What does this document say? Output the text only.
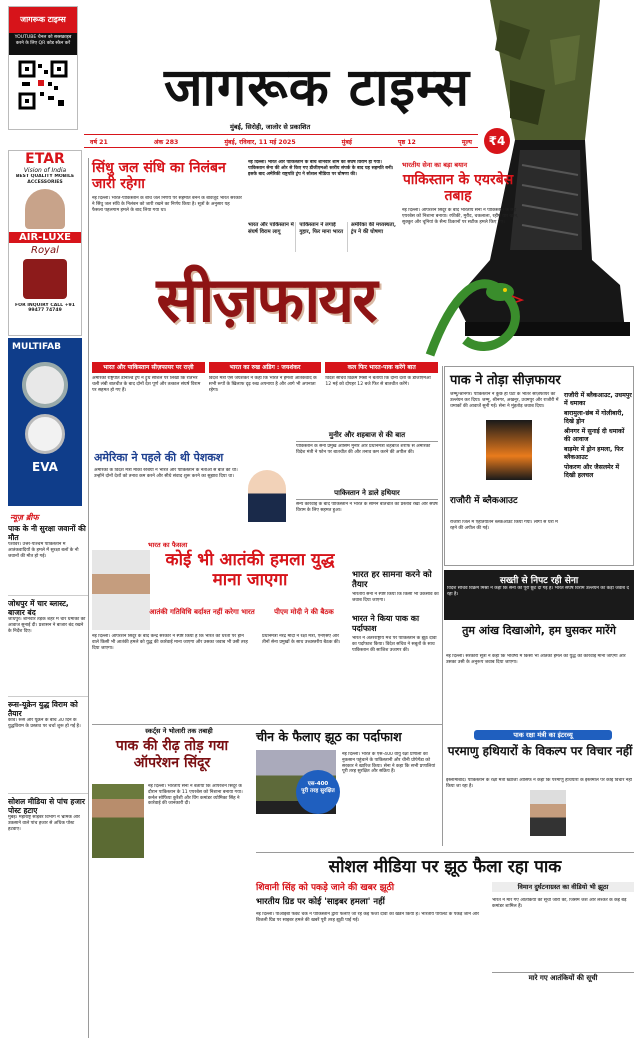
जागरूक टाइम्स
YOUTUBE चैनल को सब्सक्राइब करने के लिए QR कोड स्कैन करें
जागरूक टाइम्स
मुंबई, सिरोही, जालोर से प्रकाशित
वर्ष 21	अंक 283	मुंबई, रविवार, 11 मई 2025	मुंबई	पृष्ठ 12	मूल्य	₹4
ETAR
Vision of India
BEST QUALITY MOBILE ACCESSORIES
AIR-LUXE
Royal
FOR INQUIRY CALL +91 99477 74749
MULTIFAB
EVA
सिंधु जल संधि का निलंबन जारी रहेगा
नई दिल्ली। भारत-पाकिस्तान के बीच जल निर्णय पर सहमति बनने के बावजूद भारत सरकार ने सिंधु जल संधि के निलंबन को जारी रखने का निर्णय किया है। सूत्रों के अनुसार यह फैसला पहलगाम हमले के बाद लिया गया था।
नई दिल्ली। भारत और पाकिस्तान के बीच शनिवार शाम को संघर्ष विराम हो गया। पाकिस्तान सेना की ओर से किए गए डीजीएमओ स्तरीय संपर्क के बाद यह सहमति बनी। इसके बाद अमेरिकी राष्ट्रपति ट्रंप ने सोशल मीडिया पर घोषणा की।
भारत और पाकिस्तान में संघर्ष विराम लागू
पाकिस्तान ने लगाई गुहार, फिर माना भारत
अमेरिका की मध्यस्थता, ट्रंप ने की घोषणा
भारतीय सेना का बड़ा बयान
पाकिस्तान के एयरबेस तबाह
नई दिल्ली। ऑपरेशन सिंदूर के बाद भारतीय सेना ने पाकिस्तान के कई एयरबेस को निशाना बनाया। रफीकी, मुरीद, चकलाला, रहीम यार खान, सुक्कुर और चूनियां के सैन्य ठिकानों पर सटीक हमले किए गए।
सीज़फायर
भारत और पाकिस्तान सीज़फायर पर राज़ी
अमेरिकी राष्ट्रपति डोनाल्ड ट्रंप ने ट्रुथ सोशल पर लिखा कि रातभर चली लंबी बातचीत के बाद दोनों देश पूर्ण और तत्काल संघर्ष विराम पर सहमत हो गए हैं।
भारत का रुख अडिग : जयशंकर
विदेश मंत्री एस जयशंकर ने कहा कि भारत ने हमेशा आतंकवाद के सभी रूपों के खिलाफ दृढ़ रुख अपनाया है और आगे भी अपनाता रहेगा।
कल फिर भारत-पाक करेंगे बात
विदेश सचिव विक्रम मिस्री ने बताया कि दोनों देशों के डीजीएमओ 12 मई को दोपहर 12 बजे फिर से बातचीत करेंगे।
अमेरिका ने पहले की थी पेशकश
अमेरिका के विदेश मंत्री मार्को रुबियो ने भारत और पाकिस्तान के नेताओं से बात की थी। उन्होंने दोनों देशों को तनाव कम करने और सीधे संवाद शुरू करने का सुझाव दिया था।
मुनीर और शहबाज से की बात
पाकिस्तान के सेना प्रमुख आसिम मुनीर और प्रधानमंत्री शहबाज शरीफ से अमेरिकी विदेश मंत्री ने फोन पर बातचीत की और तनाव कम करने की अपील की।
पाकिस्तान ने डाले हथियार
सैन्य कार्रवाई के बाद पाकिस्तान ने भारत के सामने बातचीत का प्रस्ताव रखा और संघर्ष विराम के लिए सहमत हुआ।
पाक ने तोड़ा सीज़फायर
जम्मू/श्रीनगर। पाकिस्तान ने कुछ ही घंटों के भीतर सीज़फायर का उल्लंघन कर दिया। जम्मू, श्रीनगर, अखनूर, उधमपुर और राजौरी में धमाकों की आवाजें सुनी गईं। सेना ने मुंहतोड़ जवाब दिया।
राजौरी में ब्लैकआउट
राजौरी जिले में एहतियातन ब्लैकआउट किया गया। लोगों से घरों में रहने की अपील की गई।
राजौरी में ब्लैकआउट, उधमपुर में धमाका
बारामुला-छंब में गोलीबारी, दिखे ड्रोन
श्रीनगर में सुनाई दी धमाकों की आवाज
बाड़मेर में ड्रोन हमला, फिर ब्लैकआउट
पोकरण और जैसलमेर में दिखी हलचल
सख्ती से निपट रही सेना
विदेश सचिव विक्रम मिस्री ने कहा कि सेना को पूरी छूट दी गई है। भारत संघर्ष विराम उल्लंघन का कड़ा जवाब दे रहा है।
तुम आंख दिखाओगे, हम घुसकर मारेंगे
नई दिल्ली। सरकारी सूत्रों ने कहा कि भविष्य में किसी भी आतंकी हमले को युद्ध की कार्रवाई माना जाएगा और उसका उसी के अनुरूप जवाब दिया जाएगा।
न्यूज़ ब्रीफ
पाक के नी सुरक्षा जवानों की मौत
पेशावर। उत्तर-पश्चिम पाकिस्तान में आतंकवादियों के हमले में सुरक्षा बलों के नौ जवानों की मौत हो गई।
जोधपुर में चार ब्लास्ट, बाजार बंद
जोधपुर। शनिवार तड़के शहर में चार धमाकों की आवाज सुनाई दी। प्रशासन ने बाजार बंद रखने के निर्देश दिए।
रूस-यूक्रेन युद्ध विराम को तैयार
कीव। रूस और यूक्रेन के बीच 30 दिन के युद्धविराम के प्रस्ताव पर चर्चा शुरू हो गई है।
सोशल मीडिया से पांच हजार पोस्ट हटाए
मुंबई। महाराष्ट्र साइबर विभाग ने भ्रामक और उकसाने वाले पांच हजार से अधिक पोस्ट हटवाए।
भारत का फैसला
कोई भी आतंकी हमला युद्ध माना जाएगा
आतंकी गतिविधि बर्दाश्त नहीं करेगा भारत	पीएम मोदी ने की बैठक
नई दिल्ली। ऑपरेशन सिंदूर के बाद केन्द्र सरकार ने स्पष्ट किया है कि भारत की धरती पर होने वाले किसी भी आतंकी हमले को युद्ध की कार्रवाई माना जाएगा और उसका जवाब भी उसी तरह दिया जाएगा।
प्रधानमंत्री नरेंद्र मोदी ने रक्षा मंत्री, एनएसए और तीनों सेना प्रमुखों के साथ उच्चस्तरीय बैठक की।
भारत हर सामना करने को तैयार
भारतीय सेना ने स्पष्ट किया कि किसी भी उकसावे का जवाब दिया जाएगा।
भारत ने किया पाक का पर्दाफाश
भारत ने अंतरराष्ट्रीय मंच पर पाकिस्तान के झूठे दावों का पर्दाफाश किया। विदेश सचिव ने सबूतों के साथ पाकिस्तान की साजिश उजागर की।
स्कर्ट्स ने भोलारी तक तबाही
पाक की रीढ़ तोड़ गया ऑपरेशन सिंदूर
नई दिल्ली। भारतीय सेना ने बताया कि ऑपरेशन सिंदूर के दौरान पाकिस्तान के 11 एयरबेस को निशाना बनाया गया। कर्नल सोफिया कुरैशी और विंग कमांडर व्योमिका सिंह ने कार्रवाई की जानकारी दी।
चीन के फैलाए झूठ का पर्दाफाश
एस-400
पूरी तरह सुरक्षित
नई दिल्ली। भारत के एस-400 वायु रक्षा प्रणाली को नुकसान पहुंचाने के पाकिस्तानी और चीनी प्रोपेगेंडा को सरकार ने खारिज किया। सेना ने कहा कि सभी प्रणालियां पूरी तरह सुरक्षित और सक्रिय हैं।
पाक रक्षा मंत्री का इंटरव्यू
परमाणु हथियारों के विकल्प पर विचार नहीं
इस्लामाबाद। पाकिस्तान के रक्षा मंत्री ख्वाजा आसिफ ने कहा कि परमाणु हथियारों के इस्तेमाल पर कोई विचार नहीं किया जा रहा है।
सोशल मीडिया पर झूठ फैला रहा पाक
शिवानी सिंह को पकड़े जाने की खबर झूठी	विमान दुर्घटनाग्रस्त का वीडियो भी झूठा
भारतीय ग्रिड पर कोई 'साइबर हमला' नहीं
नई दिल्ली। पीआईबी फैक्ट चेक ने पाकिस्तान द्वारा फैलाए जा रहे कई फर्जी दावों का खंडन किया है। भारतीय पायलट के पकड़े जाने और बिजली ग्रिड पर साइबर हमले की खबरें पूरी तरह झूठी पाई गईं।
भारत ने मारे गए आतंकियों की सूची जारी की, जिसमें जैश और लश्कर के कई बड़े कमांडर शामिल हैं।
मारे गए आतंकियों की सूची
